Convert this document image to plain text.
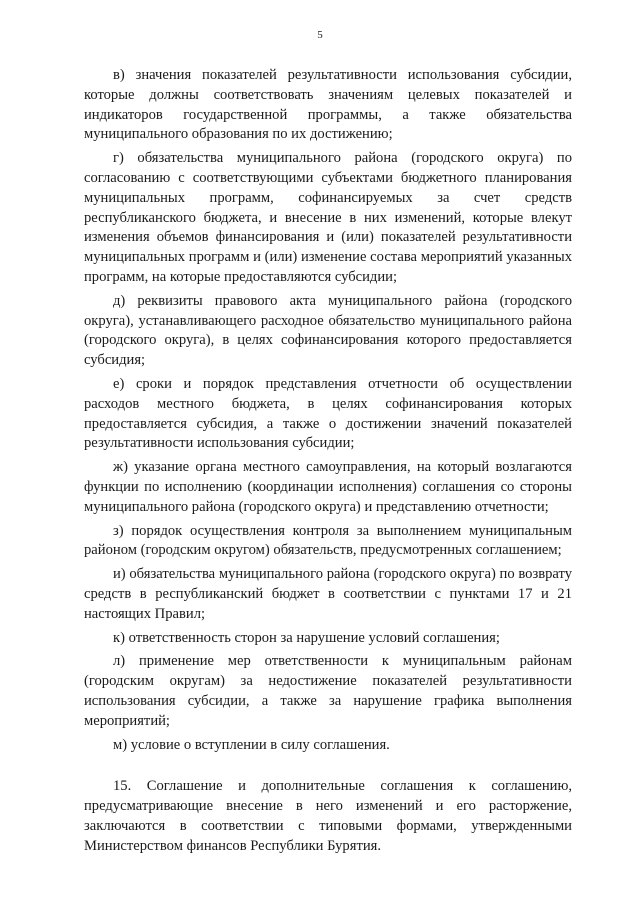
5

в) значения показателей результативности использования субсидии, которые должны соответствовать значениям целевых показателей и индикаторов государственной программы, а также обязательства муниципального образования по их достижению;

г) обязательства муниципального района (городского округа) по согласованию с соответствующими субъектами бюджетного планирования муниципальных программ, софинансируемых за счет средств республиканского бюджета, и внесение в них изменений, которые влекут изменения объемов финансирования и (или) показателей результативности муниципальных программ и (или) изменение состава мероприятий указанных программ, на которые предоставляются субсидии;

д) реквизиты правового акта муниципального района (городского округа), устанавливающего расходное обязательство муниципального района (городского округа), в целях софинансирования которого предоставляется субсидия;

е) сроки и порядок представления отчетности об осуществлении расходов местного бюджета, в целях софинансирования которых предоставляется субсидия, а также о достижении значений показателей результативности использования субсидии;

ж) указание органа местного самоуправления, на который возлагаются функции по исполнению (координации исполнения) соглашения со стороны муниципального района (городского округа) и представлению отчетности;

з) порядок осуществления контроля за выполнением муниципальным районом (городским округом) обязательств, предусмотренных соглашением;

и) обязательства муниципального района (городского округа) по возврату средств в республиканский бюджет в соответствии с пунктами 17 и 21 настоящих Правил;

к) ответственность сторон за нарушение условий соглашения;

л) применение мер ответственности к муниципальным районам (городским округам) за недостижение показателей результативности использования субсидии, а также за нарушение графика выполнения мероприятий;

м) условие о вступлении в силу соглашения.

15. Соглашение и дополнительные соглашения к соглашению, предусматривающие внесение в него изменений и его расторжение, заключаются в соответствии с типовыми формами, утвержденными Министерством финансов Республики Бурятия.
